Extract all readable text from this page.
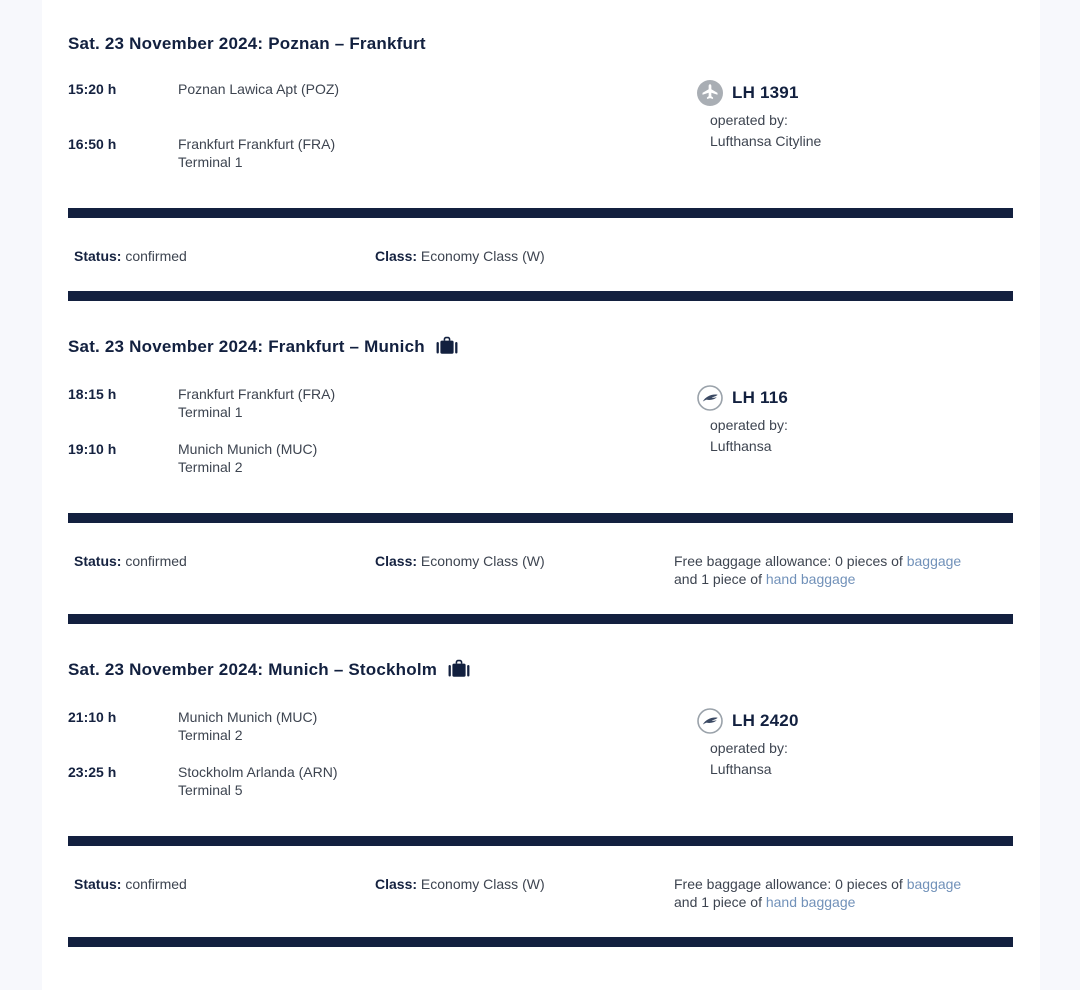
Sat. 23 November 2024: Poznan – Frankfurt
15:20 h	Poznan Lawica Apt (POZ)
16:50 h	Frankfurt Frankfurt (FRA)
Terminal 1
LH 1391
operated by:
Lufthansa Cityline
Status: confirmed	Class: Economy Class (W)
Sat. 23 November 2024: Frankfurt – Munich
18:15 h	Frankfurt Frankfurt (FRA)
Terminal 1
19:10 h	Munich Munich (MUC)
Terminal 2
LH 116
operated by:
Lufthansa
Status: confirmed	Class: Economy Class (W)	Free baggage allowance: 0 pieces of baggage and 1 piece of hand baggage
Sat. 23 November 2024: Munich – Stockholm
21:10 h	Munich Munich (MUC)
Terminal 2
23:25 h	Stockholm Arlanda (ARN)
Terminal 5
LH 2420
operated by:
Lufthansa
Status: confirmed	Class: Economy Class (W)	Free baggage allowance: 0 pieces of baggage and 1 piece of hand baggage
